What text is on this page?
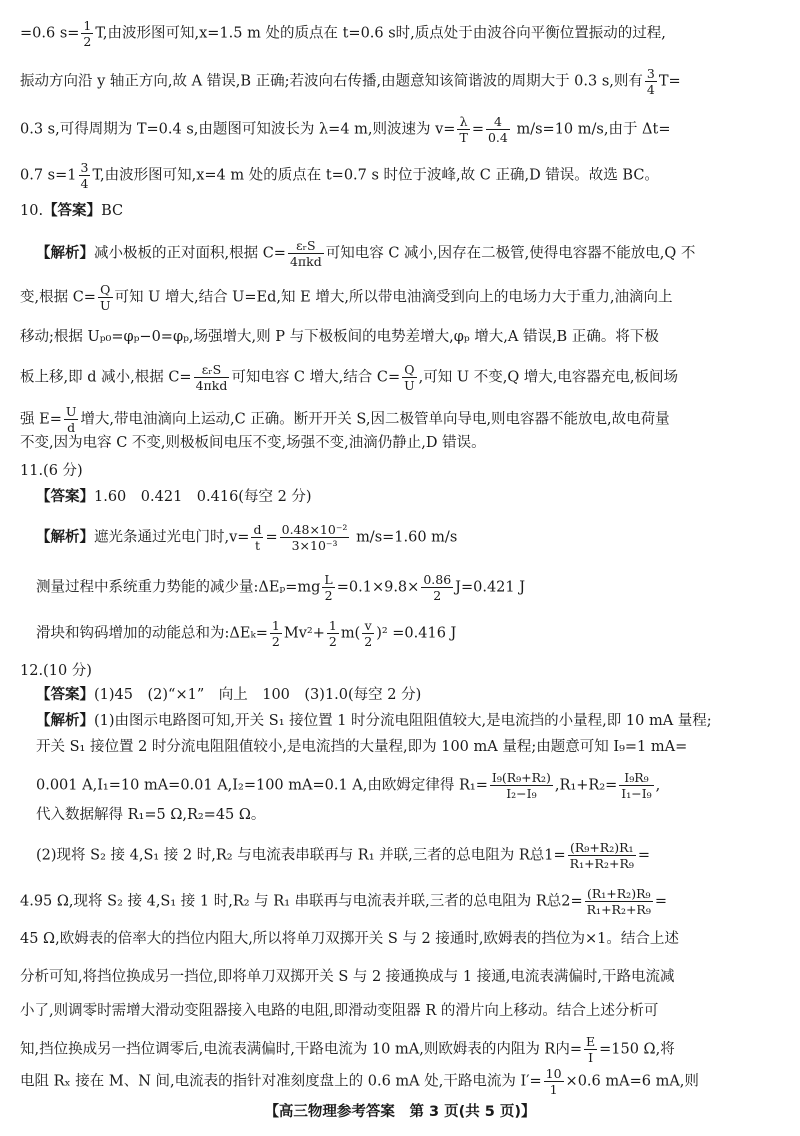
=0.6 $s= \frac{1}{2} T$,由波形图可知,x=1.5 m 处的质点在 t=0.6 s时,质点处于由波谷向平衡位置振动的过程,
振动方向沿 y 轴正方向,故 A 错误,B 正确;若波向右传播,由题意知该简谐波的周期大于 0.3 s,则有 $\frac{3}{4} T=$
0.3 s,可得周期为 T=0.4 s,由题图可知波长为 λ=4 m,则波速为 $v= \frac{\lambda}{T} = \frac{4}{0.4} m/s=10$ m/s,由于 Δt=
0.7 $s=1 \frac{3}{4} T$,由波形图可知,x=4 m 处的质点在 t=0.7 s 时位于波峰,故 C 正确,D 错误。故选 BC。
10.【答案】BC
【解析】减小极板的正对面积,根据 $C= \frac{\text{εᵣS}}{\text{4πkd}}$ 可知电容 C 减小,因存在二极管,使得电容器不能放电,Q 不
变,根据 $C= \frac{Q}{U}$ 可知 U 增大,结合 U=Ed,知 E 增大,所以带电油滴受到向上的电场力大于重力,油滴向上
移动;根据 Uₚ₀=φₚ−0=φₚ,场强增大,则 P 与下极板间的电势差增大,φₚ 增大,A 错误,B 正确。将下极
板上移,即 d 减小,根据 $C= \frac{\text{εᵣS}}{\text{4πkd}}$ 可知电容 C 增大,结合 $C= \frac{Q}{U}$ ,可知 U 不变,Q 增大,电容器充电,板间场
强 $E= \frac{U}{d}$ 增大,带电油滴向上运动,C 正确。断开开关 S,因二极管单向导电,则电容器不能放电,故电荷量
不变,因为电容 C 不变,则极板间电压不变,场强不变,油滴仍静止,D 错误。
11.(6 分)
【答案】1.60　0.421　0.416(每空 2 分)
【解析】遮光条通过光电门时$,v= \frac{d}{t} = \frac{\text{0.48×10⁻²}}{\text{3×10⁻³}} m/s=1.60$ m/s
测量过程中系统重力势能的减少量:ΔEₚ=mg $\frac{L}{2} =0.1\times 9.8\times \frac{0.86}{2} J=0.421$ J
滑块和钩码增加的动能总和为:ΔEₖ= $\frac{1}{2} Mv^2+ \frac{1}{2} m( \frac{v}{2} )^2 =0.416$ J
12.(10 分)
【答案】(1)45　(2)“×1”　向上　100　(3)1.0(每空 2 分)
【解析】(1)由图示电路图可知,开关 S₁ 接位置 1 时分流电阻阻值较大,是电流挡的小量程,即 10 mA 量程;
开关 S₁ 接位置 2 时分流电阻阻值较小,是电流挡的大量程,即为 100 mA 量程;由题意可知 I₉=1 mA=
0.001 A,I₁=10 mA=0.01 A,I₂=100 mA=0.1 A,由欧姆定律得 $R_1= \frac{\text{I₉(R₉+R₂)}}{\text{I₂−I₉}} ,R_1+R_2= \frac{\text{I₉R₉}}{\text{I₁−I₉}}$ ,
代入数据解得 R₁=5 Ω,R₂=45 Ω。
(2)现将 S₂ 接 4,S₁ 接 2 时,R₂ 与电流表串联再与 R₁ 并联,三者的总电阻为 R总$1= \frac{\text{(R₉+R₂)R₁}}{\text{R₁+R₂+R₉}}$ =
4.95 Ω,现将 S₂ 接 4,S₁ 接 1 时,R₂ 与 R₁ 串联再与电流表并联,三者的总电阻为 R总$2= \frac{\text{(R₁+R₂)R₉}}{\text{R₁+R₂+R₉}}$ =
45 Ω,欧姆表的倍率大的挡位内阻大,所以将单刀双掷开关 S 与 2 接通时,欧姆表的挡位为×1。结合上述
分析可知,将挡位换成另一挡位,即将单刀双掷开关 S 与 2 接通换成与 1 接通,电流表满偏时,干路电流减
小了,则调零时需增大滑动变阻器接入电路的电阻,即滑动变阻器 R 的滑片向上移动。结合上述分析可
知,挡位换成另一挡位调零后,电流表满偏时,干路电流为 10 mA,则欧姆表的内阻为 R内= $\frac{E}{I} =150$ Ω,将
电阻 Rₓ 接在 M、N 间,电流表的指针对准刻度盘上的 0.6 mA 处,干路电流为 $I'= \frac{10}{1} \times 0.6$ mA=6 mA,则
【高三物理参考答案　 第 3 页(共 5 页)】
